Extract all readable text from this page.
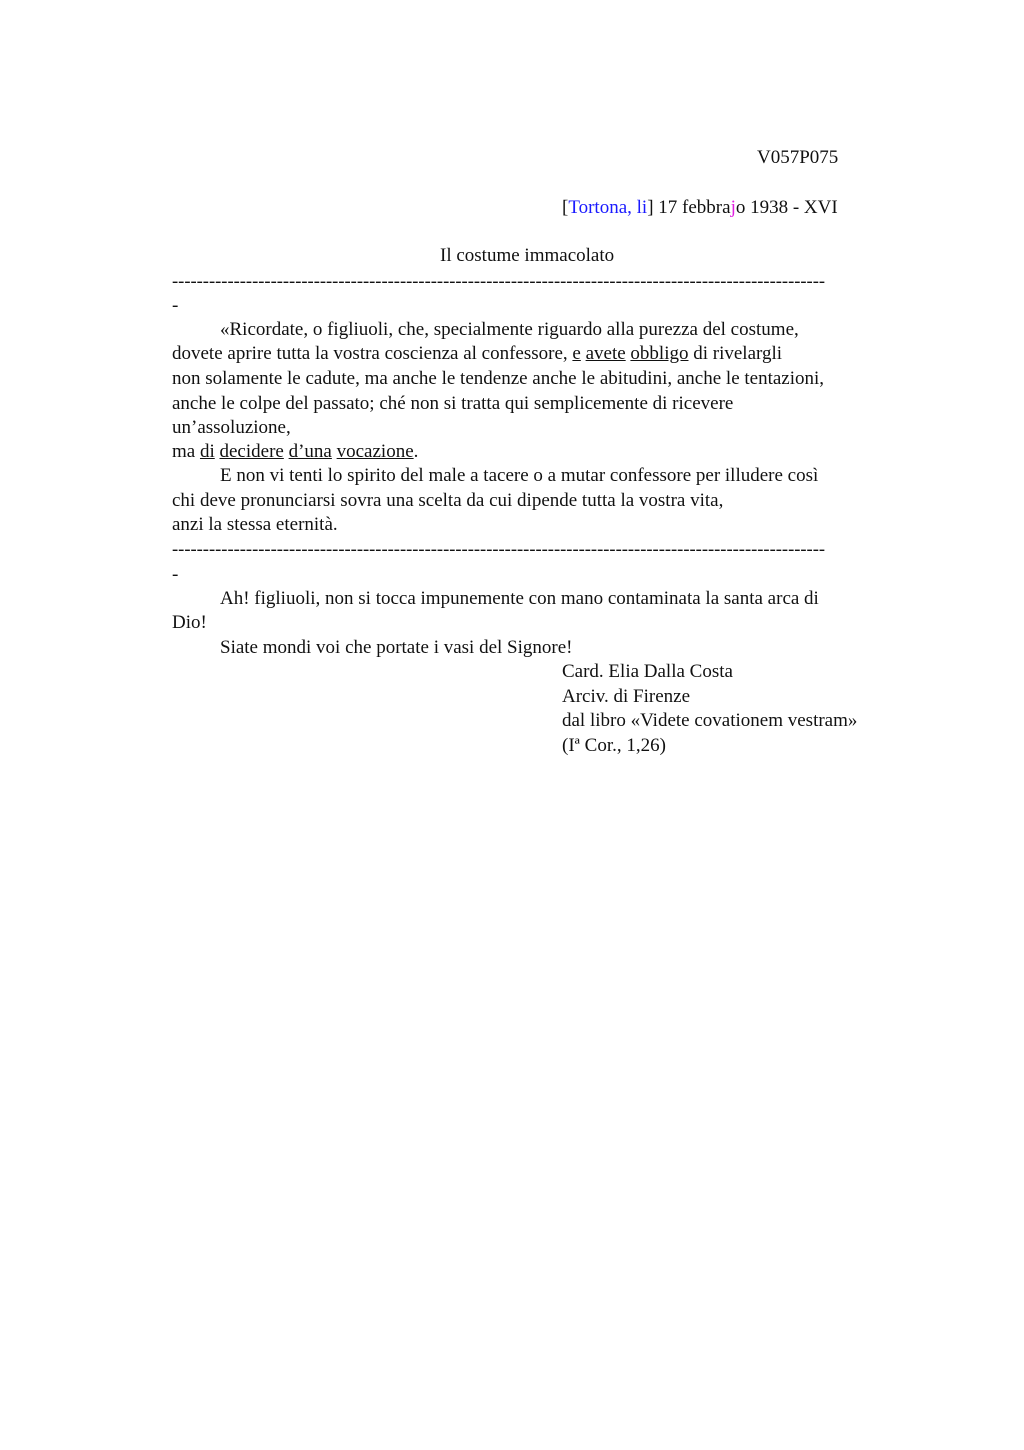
V057P075
[Tortona, li] 17 febbrajo 1938 - XVI
Il costume immacolato
----------------------------------------------------------------------------------------------------------
-
«Ricordate, o figliuoli, che, specialmente riguardo alla purezza del costume,
dovete aprire tutta la vostra coscienza al confessore, e avete obbligo di rivelargli
non solamente le cadute, ma anche le tendenze anche le abitudini, anche le tentazioni,
anche le colpe del passato; ché non si tratta qui semplicemente di ricevere
un’assoluzione,
ma di decidere d’una vocazione.
E non vi tenti lo spirito del male a tacere o a mutar confessore per illudere così
chi deve pronunciarsi sovra una scelta da cui dipende tutta la vostra vita,
anzi la stessa eternità.
----------------------------------------------------------------------------------------------------------
-
Ah! figliuoli, non si tocca impunemente con mano contaminata la santa arca di
Dio!
Siate mondi voi che portate i vasi del Signore!
Card. Elia Dalla Costa
Arciv. di Firenze
dal libro «Videte covationem vestram»
(Iª Cor., 1,26)
